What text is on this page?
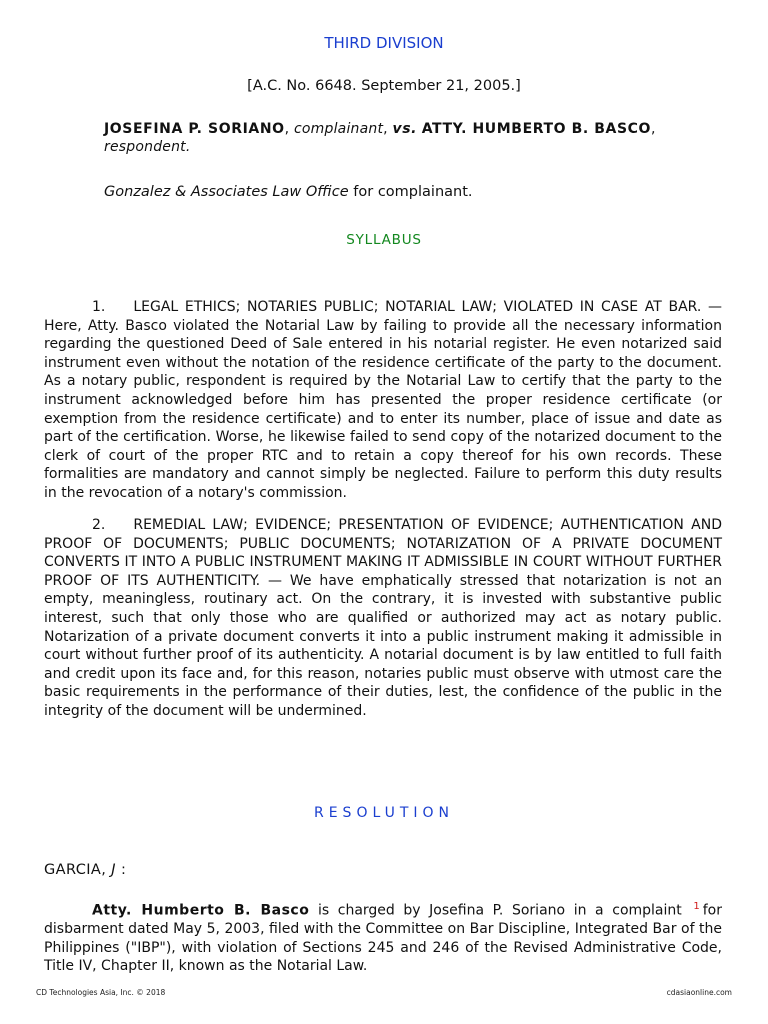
THIRD DIVISION
[A.C. No. 6648. September 21, 2005.]
JOSEFINA P. SORIANO, complainant, vs. ATTY. HUMBERTO B. BASCO, respondent.
Gonzalez & Associates Law Office for complainant.
SYLLABUS

1.  LEGAL ETHICS; NOTARIES PUBLIC; NOTARIAL LAW; VIOLATED IN CASE AT BAR. — Here, Atty. Basco violated the Notarial Law by failing to provide all the necessary information regarding the questioned Deed of Sale entered in his notarial register. He even notarized said instrument even without the notation of the residence certificate of the party to the document. As a notary public, respondent is required by the Notarial Law to certify that the party to the instrument acknowledged before him has presented the proper residence certificate (or exemption from the residence certificate) and to enter its number, place of issue and date as part of the certification. Worse, he likewise failed to send copy of the notarized document to the clerk of court of the proper RTC and to retain a copy thereof for his own records. These formalities are mandatory and cannot simply be neglected. Failure to perform this duty results in the revocation of a notary's commission.

2.  REMEDIAL LAW; EVIDENCE; PRESENTATION OF EVIDENCE; AUTHENTICATION AND PROOF OF DOCUMENTS; PUBLIC DOCUMENTS; NOTARIZATION OF A PRIVATE DOCUMENT CONVERTS IT INTO A PUBLIC INSTRUMENT MAKING IT ADMISSIBLE IN COURT WITHOUT FURTHER PROOF OF ITS AUTHENTICITY. — We have emphatically stressed that notarization is not an empty, meaningless, routinary act. On the contrary, it is invested with substantive public interest, such that only those who are qualified or authorized may act as notary public. Notarization of a private document converts it into a public instrument making it admissible in court without further proof of its authenticity. A notarial document is by law entitled to full faith and credit upon its face and, for this reason, notaries public must observe with utmost care the basic requirements in the performance of their duties, lest, the confidence of the public in the integrity of the document will be undermined.

RESOLUTION
GARCIA, J :

Atty. Humberto B. Basco is charged by Josefina P. Soriano in a complaint $^1$ for disbarment dated May 5, 2003, filed with the Committee on Bar Discipline, Integrated Bar of the Philippines ("IBP"), with violation of Sections 245 and 246 of the Revised Administrative Code, Title IV, Chapter II, known as the Notarial Law.

CD Technologies Asia, Inc. © 2018	cdasiaonline.com
